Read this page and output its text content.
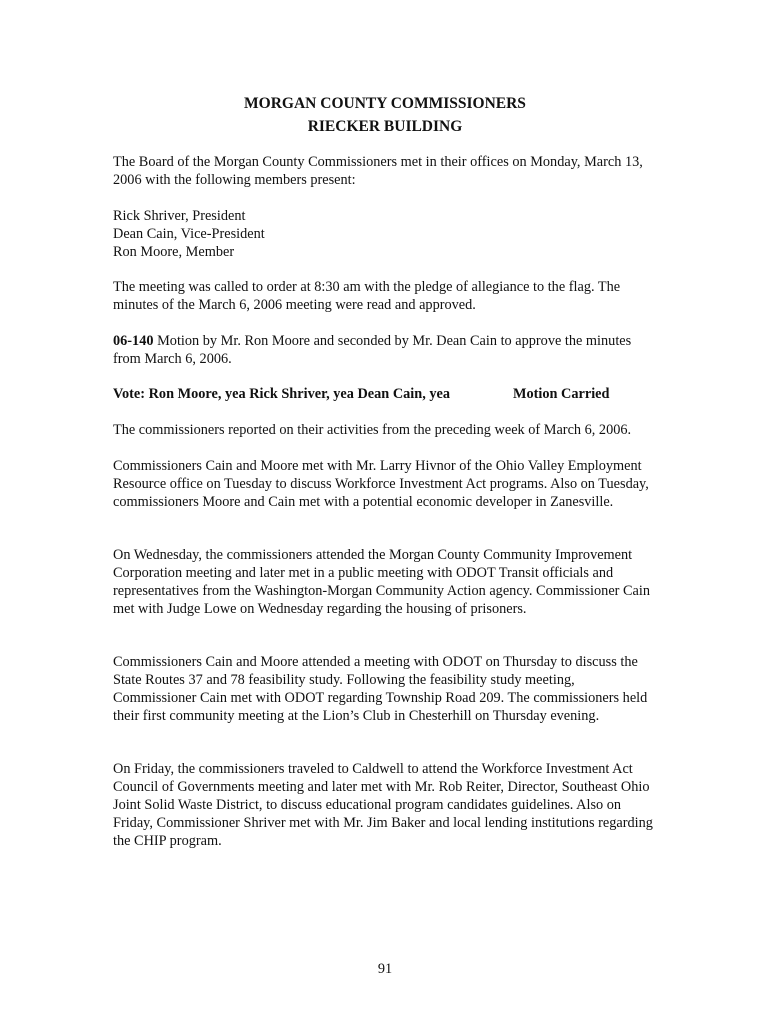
MORGAN COUNTY COMMISSIONERS
RIECKER BUILDING

The Board of the Morgan County Commissioners met in their offices on Monday, March 13, 2006 with the following members present:

Rick Shriver, President
Dean Cain, Vice-President
Ron Moore, Member

The meeting was called to order at 8:30 am with the pledge of allegiance to the flag. The minutes of the March 6, 2006 meeting were read and approved.

06-140 Motion by Mr. Ron Moore and seconded by Mr. Dean Cain to approve the minutes from March 6, 2006.

Vote: Ron Moore, yea Rick Shriver, yea Dean Cain, yea	Motion Carried

The commissioners reported on their activities from the preceding week of March 6, 2006.

Commissioners Cain and Moore met with Mr. Larry Hivnor of the Ohio Valley Employment Resource office on Tuesday to discuss Workforce Investment Act programs. Also on Tuesday, commissioners Moore and Cain met with a potential economic developer in Zanesville.

On Wednesday, the commissioners attended the Morgan County Community Improvement Corporation meeting and later met in a public meeting with ODOT Transit officials and representatives from the Washington-Morgan Community Action agency. Commissioner Cain met with Judge Lowe on Wednesday regarding the housing of prisoners.

Commissioners Cain and Moore attended a meeting with ODOT on Thursday to discuss the State Routes 37 and 78 feasibility study. Following the feasibility study meeting, Commissioner Cain met with ODOT regarding Township Road 209. The commissioners held their first community meeting at the Lion’s Club in Chesterhill on Thursday evening.

On Friday, the commissioners traveled to Caldwell to attend the Workforce Investment Act Council of Governments meeting and later met with Mr. Rob Reiter, Director, Southeast Ohio Joint Solid Waste District, to discuss educational program candidates guidelines. Also on Friday, Commissioner Shriver met with Mr. Jim Baker and local lending institutions regarding the CHIP program.

91
